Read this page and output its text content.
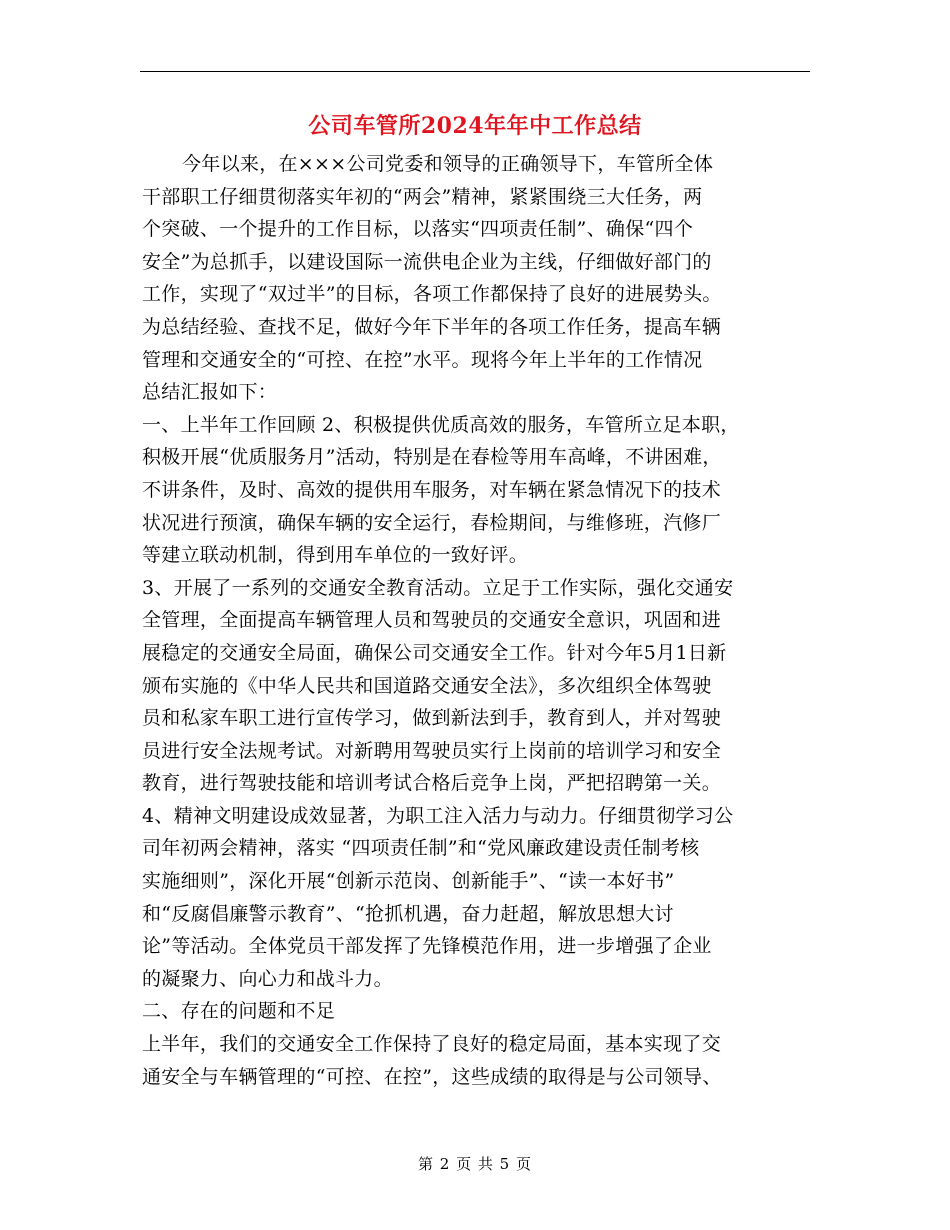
公司车管所2024年年中工作总结
今年以来，在×××公司党委和领导的正确领导下，车管所全体
干部职工仔细贯彻落实年初的“两会”精神，紧紧围绕三大任务，两
个突破、一个提升的工作目标，以落实“四项责任制”、确保“四个
安全”为总抓手，以建设国际一流供电企业为主线，仔细做好部门的
工作，实现了“双过半”的目标，各项工作都保持了良好的进展势头。
为总结经验、查找不足，做好今年下半年的各项工作任务，提高车辆
管理和交通安全的“可控、在控”水平。现将今年上半年的工作情况
总结汇报如下：
一、上半年工作回顾 2、积极提供优质高效的服务，车管所立足本职，
积极开展“优质服务月”活动，特别是在春检等用车高峰，不讲困难，
不讲条件，及时、高效的提供用车服务，对车辆在紧急情况下的技术
状况进行预演，确保车辆的安全运行，春检期间，与维修班，汽修厂
等建立联动机制，得到用车单位的一致好评。
3、开展了一系列的交通安全教育活动。立足于工作实际，强化交通安
全管理，全面提高车辆管理人员和驾驶员的交通安全意识，巩固和进
展稳定的交通安全局面，确保公司交通安全工作。针对今年5月1日新
颁布实施的《中华人民共和国道路交通安全法》，多次组织全体驾驶
员和私家车职工进行宣传学习，做到新法到手，教育到人，并对驾驶
员进行安全法规考试。对新聘用驾驶员实行上岗前的培训学习和安全
教育，进行驾驶技能和培训考试合格后竞争上岗，严把招聘第一关。
4、精神文明建设成效显著，为职工注入活力与动力。仔细贯彻学习公
司年初两会精神，落实 “四项责任制”和“党风廉政建设责任制考核
实施细则”，深化开展“创新示范岗、创新能手”、“读一本好书”
和“反腐倡廉警示教育”、“抢抓机遇，奋力赶超，解放思想大讨
论”等活动。全体党员干部发挥了先锋模范作用，进一步增强了企业
的凝聚力、向心力和战斗力。
二、存在的问题和不足
上半年，我们的交通安全工作保持了良好的稳定局面，基本实现了交
通安全与车辆管理的“可控、在控”，这些成绩的取得是与公司领导、
第 2 页 共 5 页
